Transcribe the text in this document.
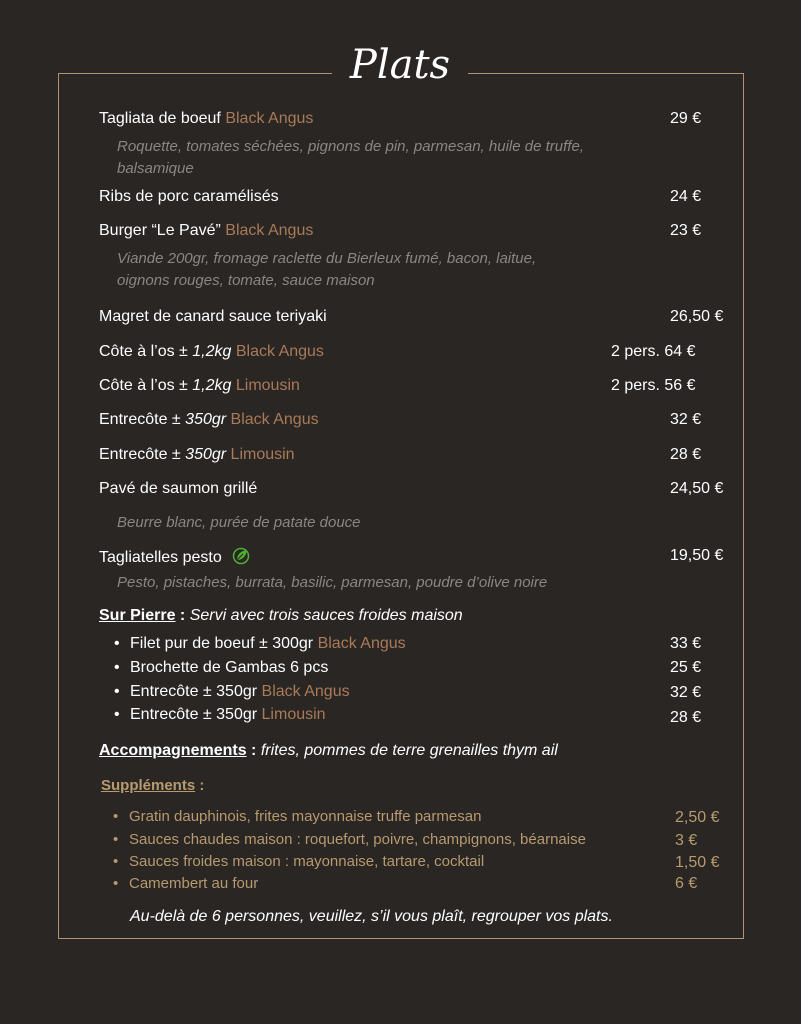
Plats
Tagliata de boeuf Black Angus	29 €
Roquette, tomates séchées, pignons de pin, parmesan, huile de truffe,
balsamique
Ribs de porc caramélisés	24 €
Burger “Le Pavé” Black Angus	23 €
Viande 200gr, fromage raclette du Bierleux fumé, bacon, laitue,
oignons rouges, tomate, sauce maison
Magret de canard sauce teriyaki	26,50 €
Côte à l’os ± 1,2kg Black Angus	2 pers. 64 €
Côte à l’os ± 1,2kg Limousin	2 pers. 56 €
Entrecôte ± 350gr Black Angus	32 €
Entrecôte ± 350gr Limousin	28 €
Pavé de saumon grillé	24,50 €
Beurre blanc, purée de patate douce
Tagliatelles pesto	19,50 €
Pesto, pistaches, burrata, basilic, parmesan, poudre d’olive noire
Sur Pierre : Servi avec trois sauces froides maison
• Filet pur de boeuf ± 300gr Black Angus	33 €
• Brochette de Gambas 6 pcs	25 €
• Entrecôte ± 350gr Black Angus	32 €
• Entrecôte ± 350gr Limousin	28 €
Accompagnements : frites, pommes de terre grenailles thym ail
Suppléments :
• Gratin dauphinois, frites mayonnaise truffe parmesan	2,50 €
• Sauces chaudes maison : roquefort, poivre, champignons, béarnaise	3 €
• Sauces froides maison : mayonnaise, tartare, cocktail	1,50 €
• Camembert au four	6 €
Au-delà de 6 personnes, veuillez, s’il vous plaît, regrouper vos plats.
